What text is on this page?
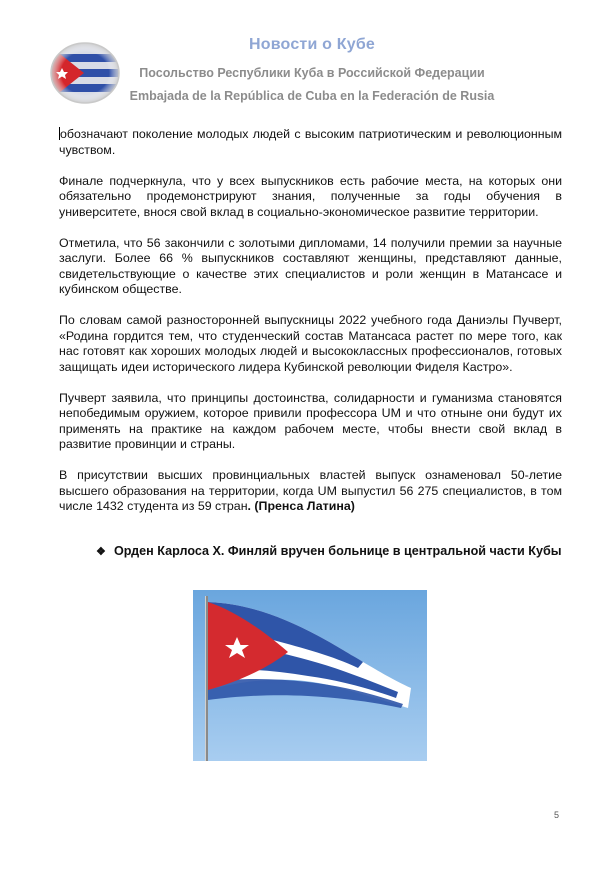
Новости о Кубе
Посольство Республики Куба в Российской Федерации
Embajada de la República de Cuba en la Federación de Rusia

обозначают поколение молодых людей с высоким патриотическим и революционным чувством.

Финале подчеркнула, что у всех выпускников есть рабочие места, на которых они обязательно продемонстрируют знания, полученные за годы обучения в университете, внося свой вклад в социально-экономическое развитие территории.

Отметила, что 56 закончили с золотыми дипломами, 14 получили премии за научные заслуги. Более 66 % выпускников составляют женщины, представляют данные, свидетельствующие о качестве этих специалистов и роли женщин в Матансасе и кубинском обществе.

По словам самой разносторонней выпускницы 2022 учебного года Даниэлы Пучверт, «Родина гордится тем, что студенческий состав Матансаса растет по мере того, как нас готовят как хороших молодых людей и высококлассных профессионалов, готовых защищать идеи исторического лидера Кубинской революции Фиделя Кастро».

Пучверт заявила, что принципы достоинства, солидарности и гуманизма становятся непобедимым оружием, которое привили профессора UM и что отныне они будут их применять на практике на каждом рабочем месте, чтобы внести свой вклад в развитие провинции и страны.

В присутствии высших провинциальных властей выпуск ознаменовал 50-летие высшего образования на территории, когда UM выпустил 56 275 специалистов, в том числе 1432 студента из 59 стран. (Пренса Латина)

❖ Орден Карлоса Х. Финляй вручен больнице в центральной части Кубы
5
